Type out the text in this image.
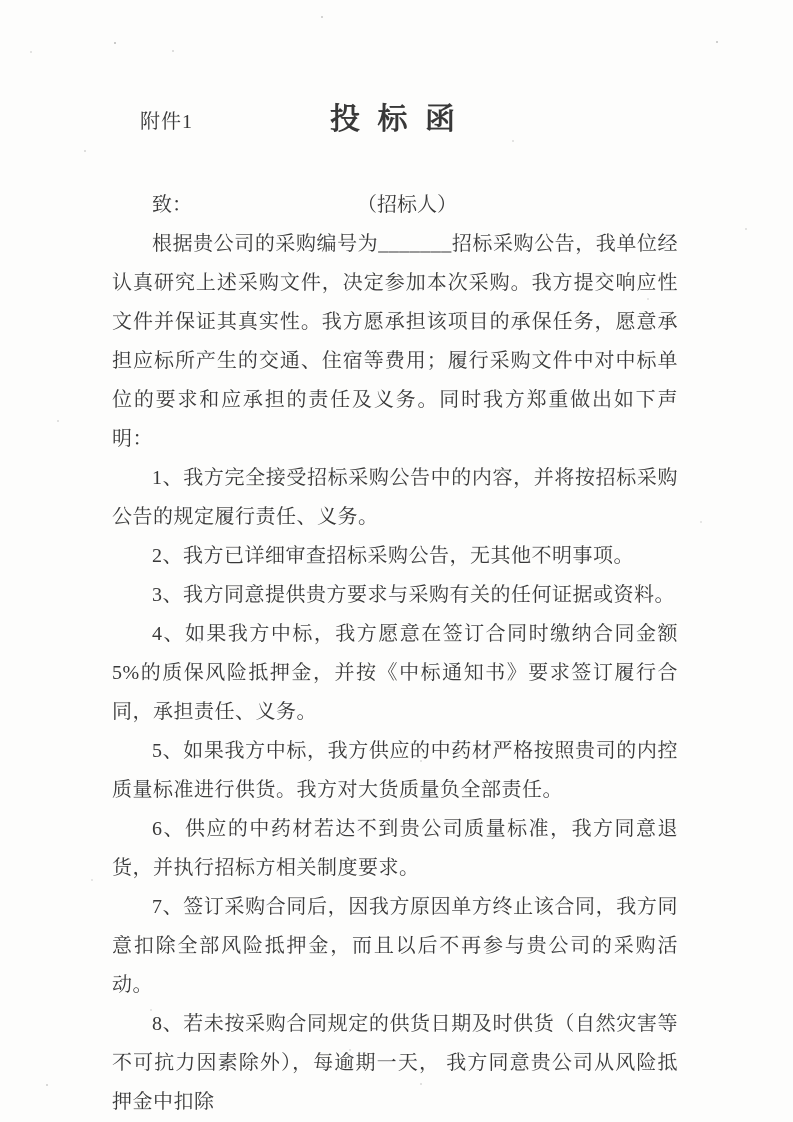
附件1	投 标 函

致：	（招标人）

根据贵公司的采购编号为_______招标采购公告，我单位经认真研究上述采购文件，决定参加本次采购。我方提交响应性文件并保证其真实性。我方愿承担该项目的承保任务，愿意承担应标所产生的交通、住宿等费用；履行采购文件中对中标单位的要求和应承担的责任及义务。同时我方郑重做出如下声明：

1、我方完全接受招标采购公告中的内容，并将按招标采购公告的规定履行责任、义务。

2、我方已详细审查招标采购公告，无其他不明事项。

3、我方同意提供贵方要求与采购有关的任何证据或资料。

4、如果我方中标，我方愿意在签订合同时缴纳合同金额 5%的质保风险抵押金，并按《中标通知书》要求签订履行合同，承担责任、义务。

5、如果我方中标，我方供应的中药材严格按照贵司的内控质量标准进行供货。我方对大货质量负全部责任。

6、供应的中药材若达不到贵公司质量标准，我方同意退货，并执行招标方相关制度要求。

7、签订采购合同后，因我方原因单方终止该合同，我方同意扣除全部风险抵押金，而且以后不再参与贵公司的采购活动。

8、若未按采购合同规定的供货日期及时供货（自然灾害等不可抗力因素除外），每逾期一天， 我方同意贵公司从风险抵押金中扣除
